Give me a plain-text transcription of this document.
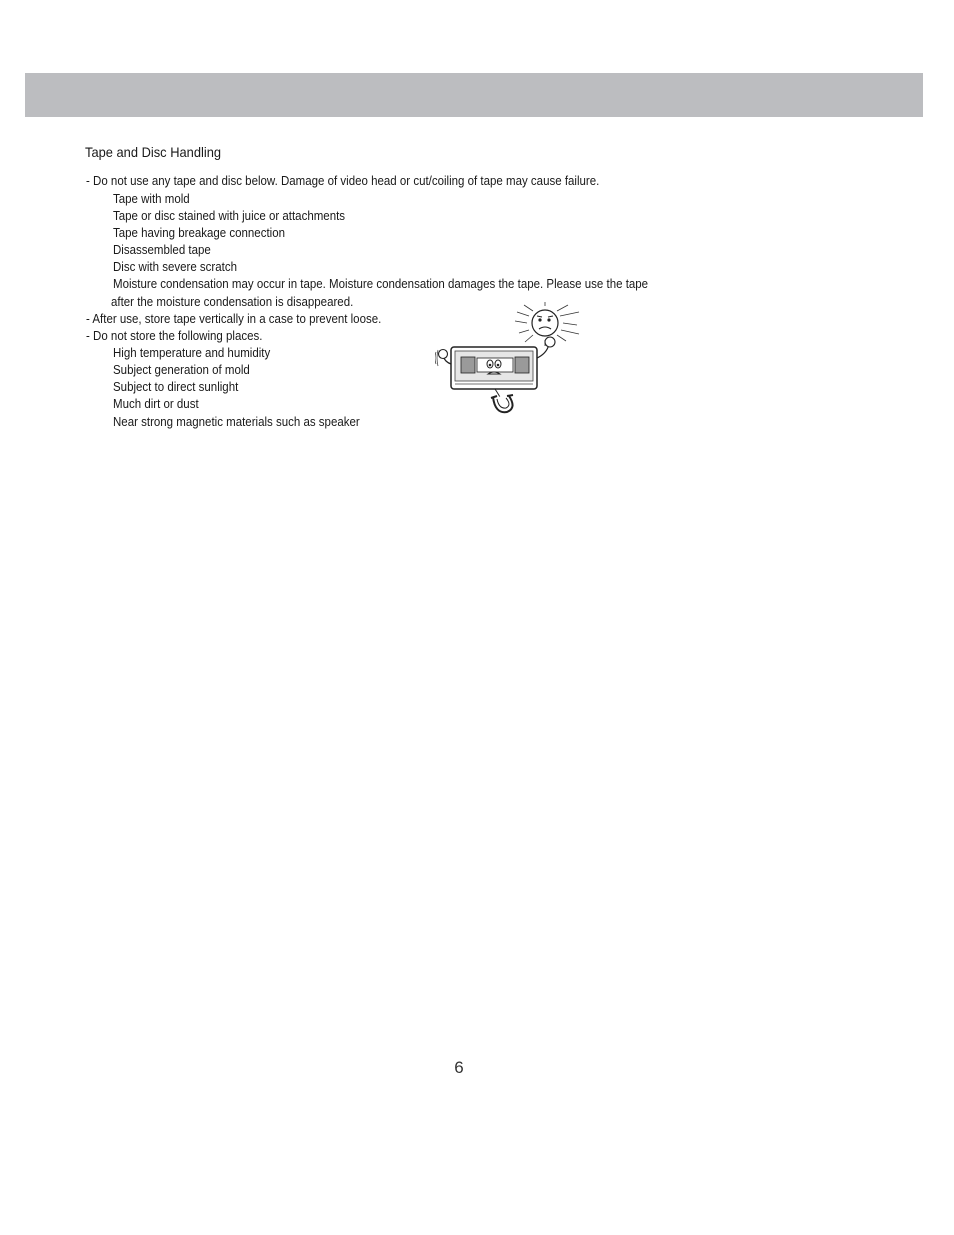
Tape and Disc Handling
- Do not use any tape and disc below. Damage of video head or cut/coiling of tape may cause failure.
Tape with mold
Tape or disc stained with juice or attachments
Tape having breakage connection
Disassembled tape
Disc with severe scratch
Moisture condensation may occur in tape. Moisture condensation damages the tape. Please use the tape
after the moisture condensation is disappeared.
- After use, store tape vertically in a case to prevent loose.
- Do not store the following places.
High temperature and humidity
Subject generation of mold
Subject to direct sunlight
Much dirt or dust
Near strong magnetic materials such as speaker
6
